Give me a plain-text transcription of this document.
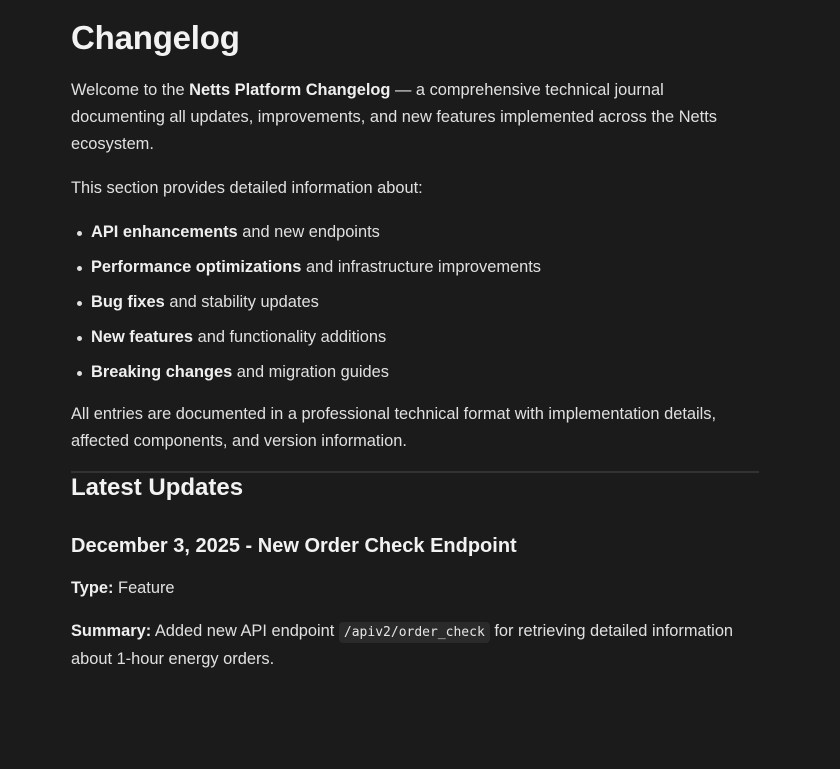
Changelog

Welcome to the Netts Platform Changelog — a comprehensive technical journal documenting all updates, improvements, and new features implemented across the Netts ecosystem.

This section provides detailed information about:

API enhancements and new endpoints
Performance optimizations and infrastructure improvements
Bug fixes and stability updates
New features and functionality additions
Breaking changes and migration guides

All entries are documented in a professional technical format with implementation details, affected components, and version information.

Latest Updates
December 3, 2025 - New Order Check Endpoint

Type: Feature

Summary: Added new API endpoint /apiv2/order_check for retrieving detailed information about 1-hour energy orders.
